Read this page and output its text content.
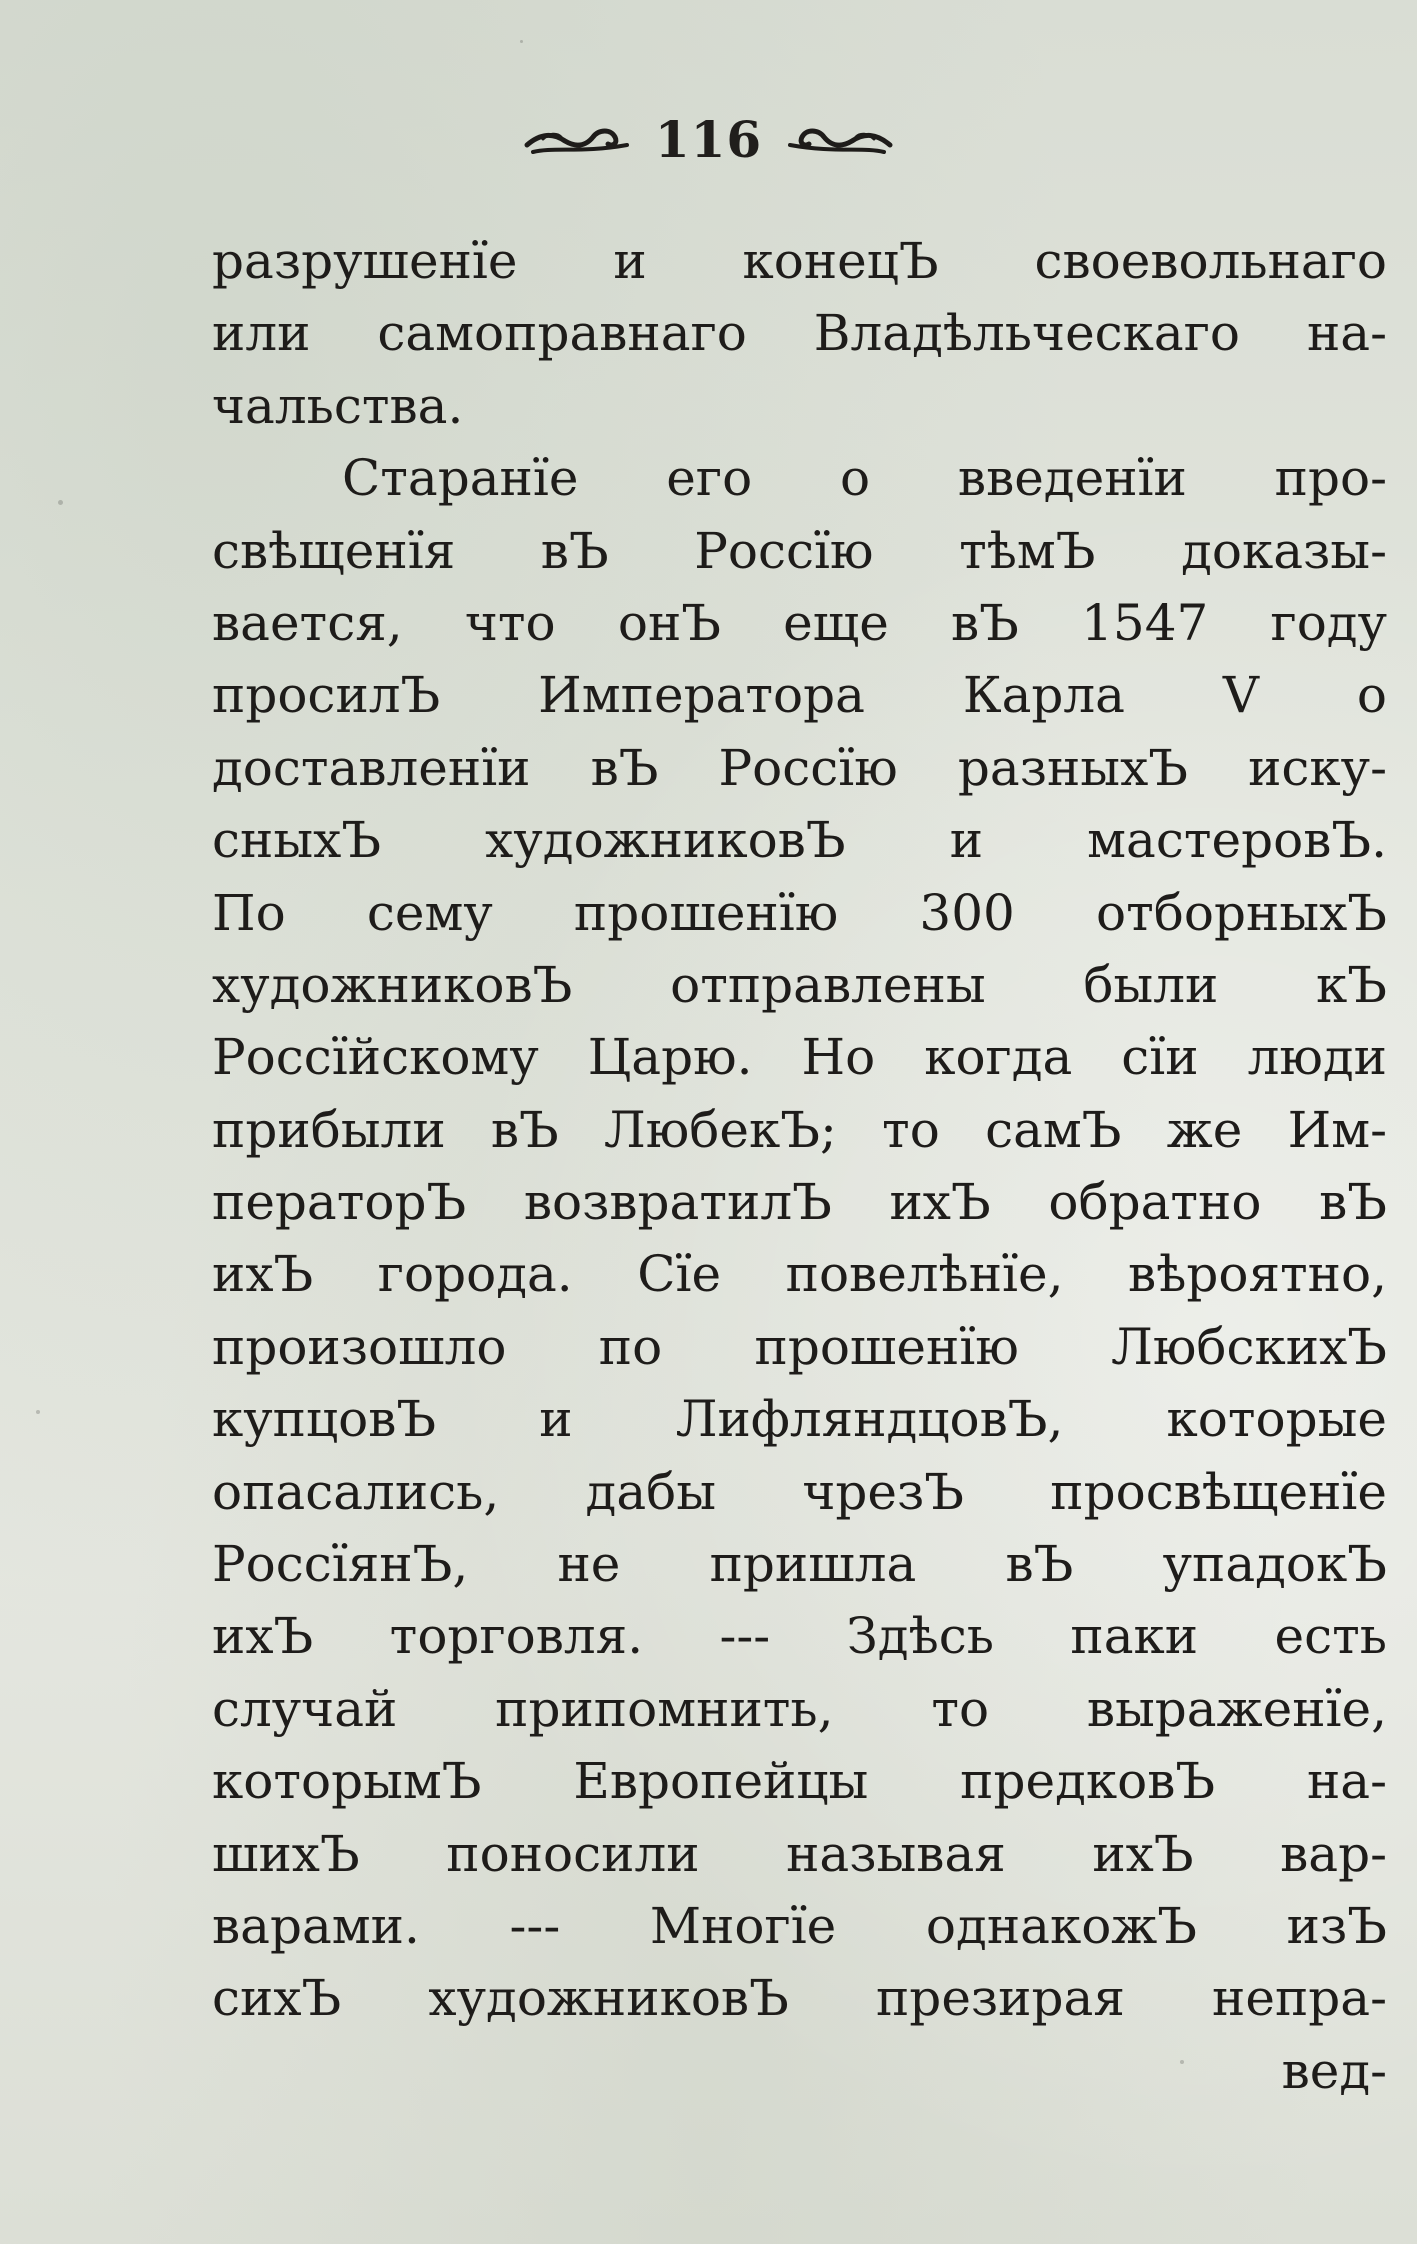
116
разрушенїе и конецЪ своевольнаго
или самоправнаго Владѣльческаго на-
чальства.
Старанїе его о введенїи про-
свѣщенїя вЪ Россїю тѣмЪ доказы-
вается, что онЪ еще вЪ 1547 году
просилЪ Императора Карла V о
доставленїи вЪ Россїю разныхЪ иску-
сныхЪ художниковЪ и мастеровЪ.
По сему прошенїю 300 отборныхЪ
художниковЪ отправлены были кЪ
Россїйскому Царю. Но когда сїи люди
прибыли вЪ ЛюбекЪ; то самЪ же Им-
ператорЪ возвратилЪ ихЪ обратно вЪ
ихЪ города. Сїе повелѣнїе, вѣроятно,
произошло по прошенїю ЛюбскихЪ
купцовЪ и ЛифляндцовЪ, которые
опасались, дабы чрезЪ просвѣщенїе
РоссїянЪ, не пришла вЪ упадокЪ
ихЪ торговля. --- Здѣсь паки есть
случай припомнить, то выраженїе,
которымЪ Европейцы предковЪ на-
шихЪ поносили называя ихЪ вар-
варами. --- Многїе однакожЪ изЪ
сихЪ художниковЪ презирая непра-
вед-
